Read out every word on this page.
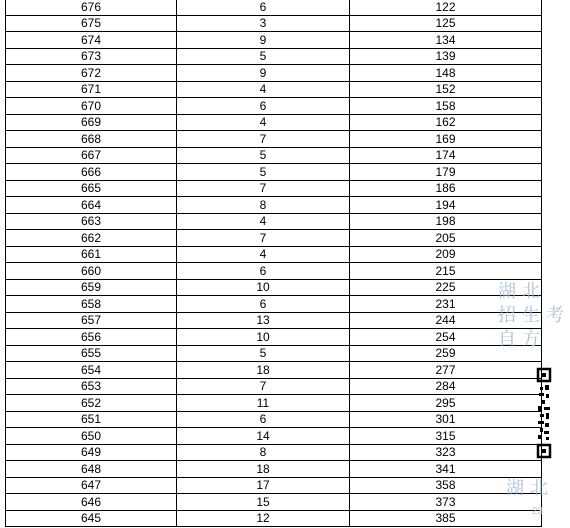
676	6	122
675	3	125
674	9	134
673	5	139
672	9	148
671	4	152
670	6	158
669	4	162
668	7	169
667	5	174
666	5	179
665	7	186
664	8	194
663	4	198
662	7	205
661	4	209
660	6	215
659	10	225
658	6	231
657	13	244
656	10	254
655	5	259
654	18	277
653	7	284
652	11	295
651	6	301
650	14	315
649	8	323
648	18	341
647	17	358
646	15	373
645	12	385
湖北
招生考
自方
湖北
23
